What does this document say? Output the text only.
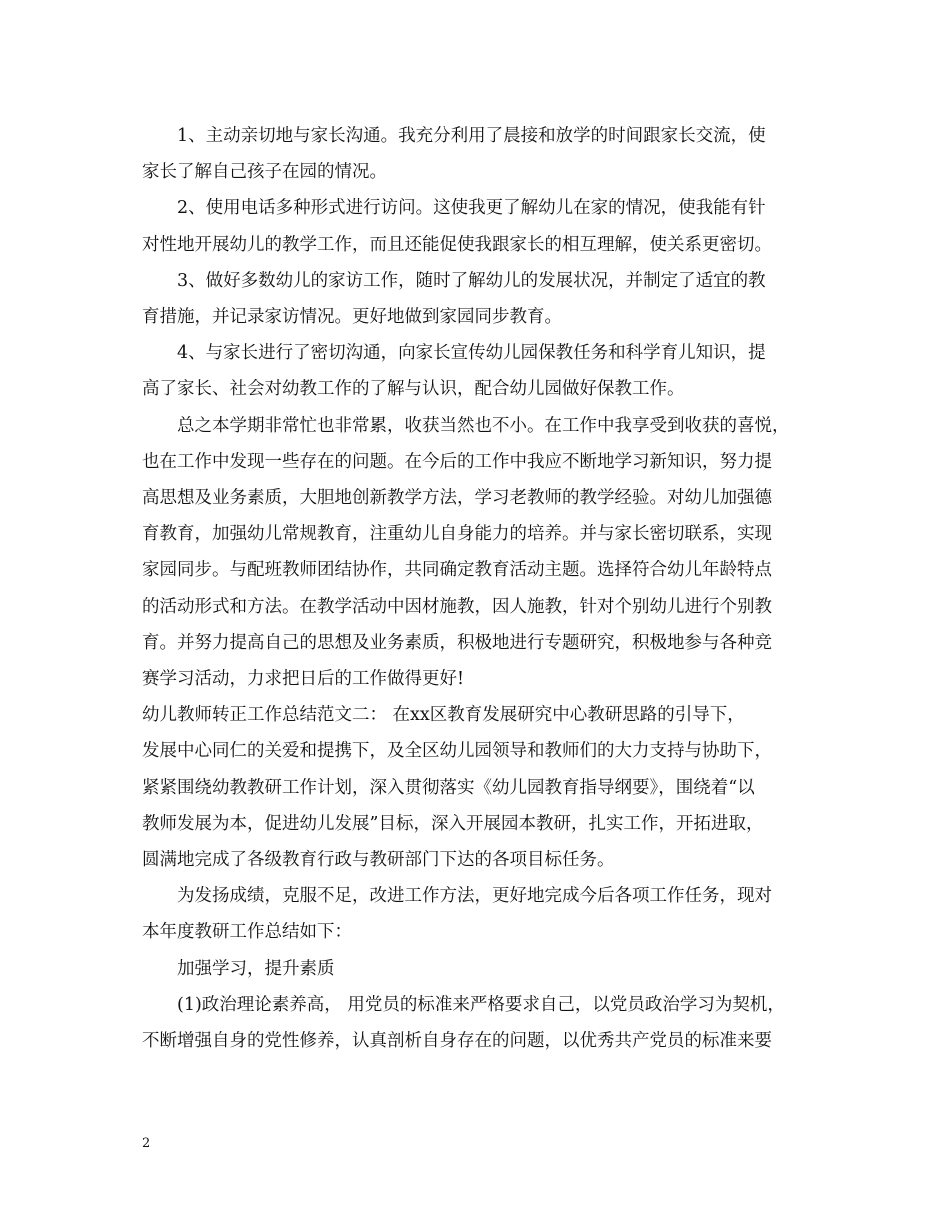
1、主动亲切地与家长沟通。我充分利用了晨接和放学的时间跟家长交流，使
家长了解自己孩子在园的情况。
2、使用电话多种形式进行访问。这使我更了解幼儿在家的情况，使我能有针
对性地开展幼儿的教学工作，而且还能促使我跟家长的相互理解，使关系更密切。
3、做好多数幼儿的家访工作，随时了解幼儿的发展状况，并制定了适宜的教
育措施，并记录家访情况。更好地做到家园同步教育。
4、与家长进行了密切沟通，向家长宣传幼儿园保教任务和科学育儿知识，提
高了家长、社会对幼教工作的了解与认识，配合幼儿园做好保教工作。
总之本学期非常忙也非常累，收获当然也不小。在工作中我享受到收获的喜悦，
也在工作中发现一些存在的问题。在今后的工作中我应不断地学习新知识，努力提
高思想及业务素质，大胆地创新教学方法，学习老教师的教学经验。对幼儿加强德
育教育，加强幼儿常规教育，注重幼儿自身能力的培养。并与家长密切联系，实现
家园同步。与配班教师团结协作，共同确定教育活动主题。选择符合幼儿年龄特点
的活动形式和方法。在教学活动中因材施教，因人施教，针对个别幼儿进行个别教
育。并努力提高自己的思想及业务素质，积极地进行专题研究，积极地参与各种竞
赛学习活动，力求把日后的工作做得更好!
幼儿教师转正工作总结范文二： 在xx区教育发展研究中心教研思路的引导下，
发展中心同仁的关爱和提携下，及全区幼儿园领导和教师们的大力支持与协助下，
紧紧围绕幼教教研工作计划，深入贯彻落实《幼儿园教育指导纲要》，围绕着“以
教师发展为本，促进幼儿发展”目标，深入开展园本教研，扎实工作，开拓进取，
圆满地完成了各级教育行政与教研部门下达的各项目标任务。
为发扬成绩，克服不足，改进工作方法，更好地完成今后各项工作任务，现对
本年度教研工作总结如下：
加强学习，提升素质
(1)政治理论素养高， 用党员的标准来严格要求自己，以党员政治学习为契机，
不断增强自身的党性修养，认真剖析自身存在的问题，以优秀共产党员的标准来要
2
